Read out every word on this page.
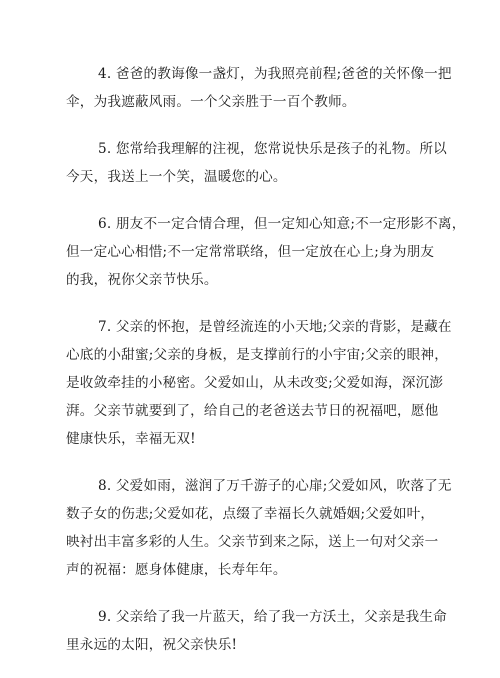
4. 爸爸的教诲像一盏灯，为我照亮前程;爸爸的关怀像一把
伞，为我遮蔽风雨。一个父亲胜于一百个教师。

5. 您常给我理解的注视，您常说快乐是孩子的礼物。所以
今天，我送上一个笑，温暖您的心。

6. 朋友不一定合情合理，但一定知心知意;不一定形影不离，
但一定心心相惜;不一定常常联络，但一定放在心上;身为朋友
的我，祝你父亲节快乐。

7. 父亲的怀抱，是曾经流连的小天地;父亲的背影，是藏在
心底的小甜蜜;父亲的身板，是支撑前行的小宇宙;父亲的眼神，
是收敛牵挂的小秘密。父爱如山，从未改变;父爱如海，深沉澎
湃。父亲节就要到了，给自己的老爸送去节日的祝福吧，愿他
健康快乐，幸福无双!

8. 父爱如雨，滋润了万千游子的心扉;父爱如风，吹落了无
数子女的伤悲;父爱如花，点缀了幸福长久就婚姻;父爱如叶，
映衬出丰富多彩的人生。父亲节到来之际，送上一句对父亲一
声的祝福：愿身体健康，长寿年年。

9. 父亲给了我一片蓝天，给了我一方沃土，父亲是我生命
里永远的太阳，祝父亲快乐!
